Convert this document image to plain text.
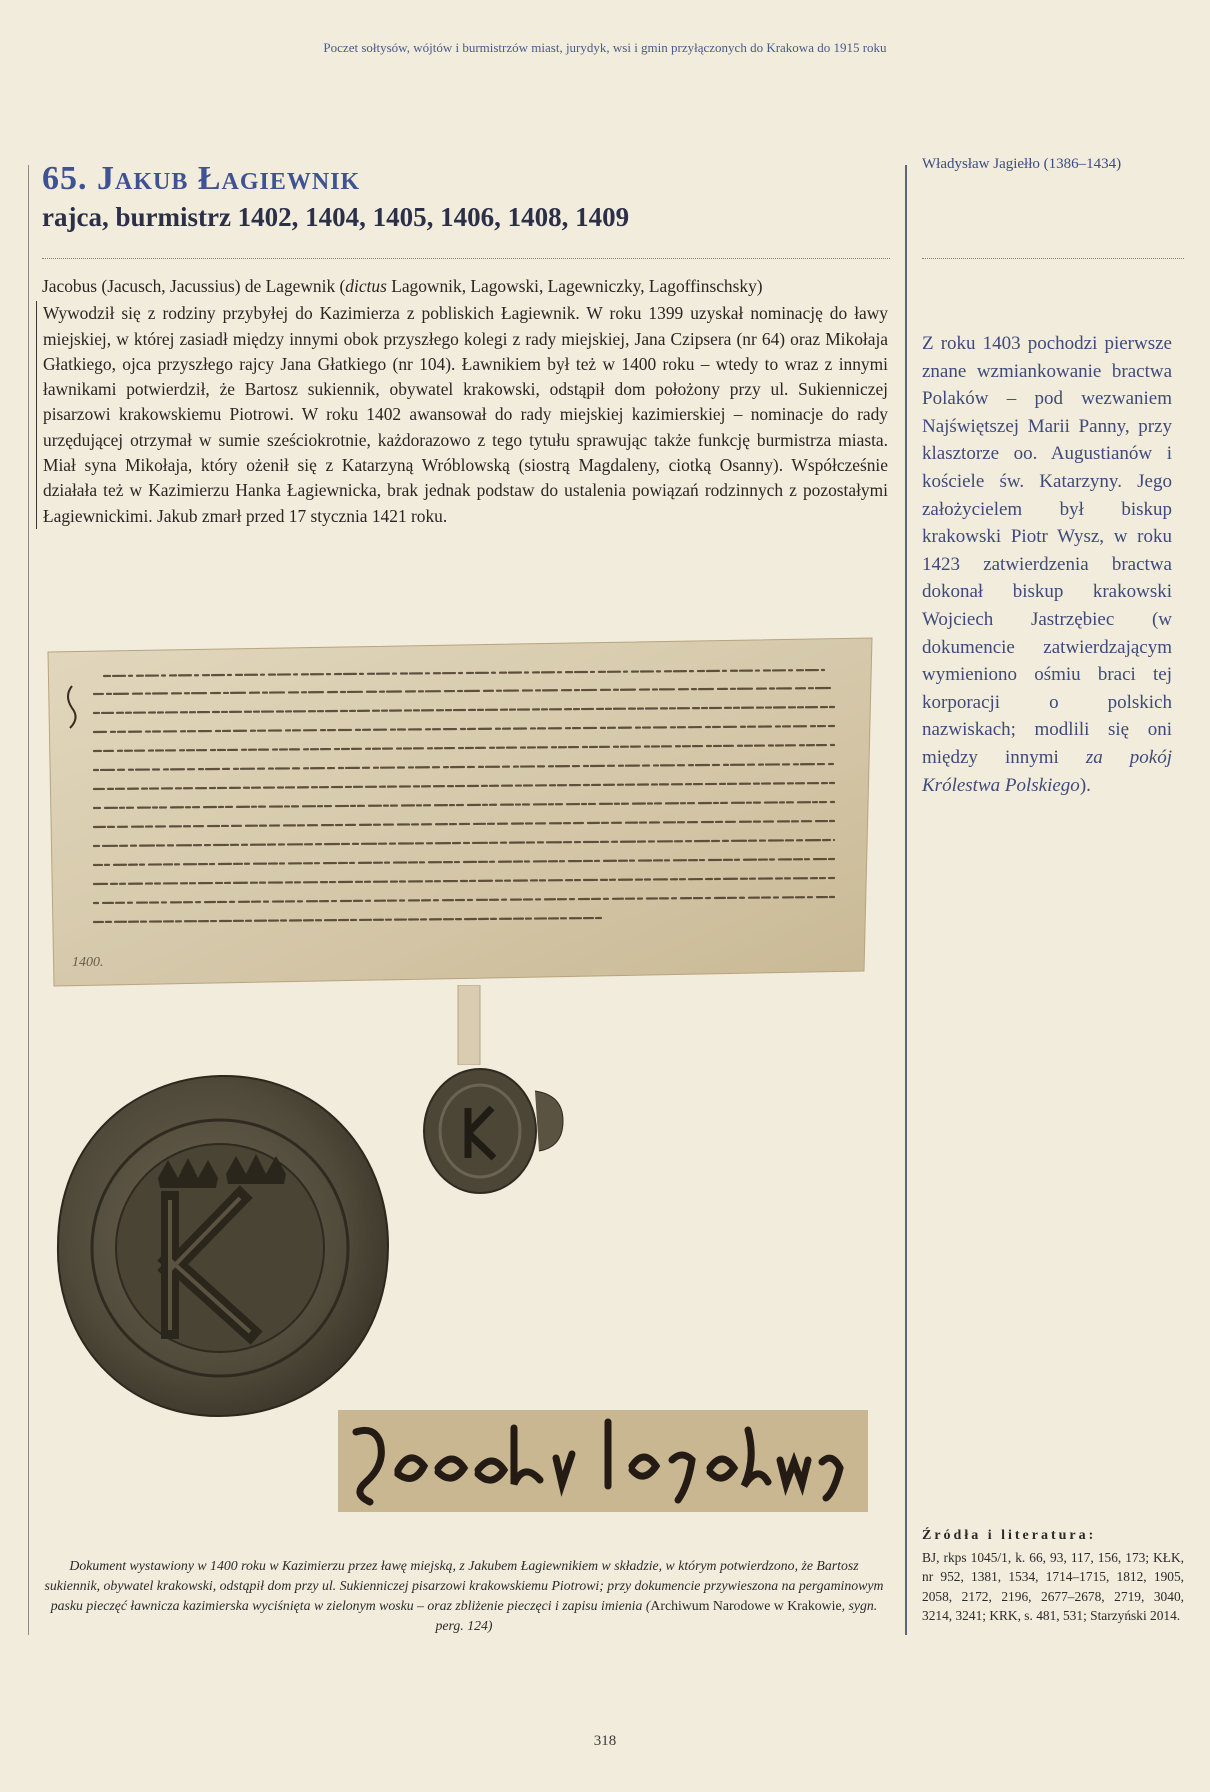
Poczet sołtysów, wójtów i burmistrzów miast, jurydyk, wsi i gmin przyłączonych do Krakowa do 1915 roku
65. Jakub Łagiewnik
rajca, burmistrz 1402, 1404, 1405, 1406, 1408, 1409

Jacobus (Jacusch, Jacussius) de Lagewnik (dictus Lagownik, Lagowski, Lagewniczky, Lagoffinschsky)

Wywodził się z rodziny przybyłej do Kazimierza z pobliskich Łagiewnik. W roku 1399 uzyskał nominację do ławy miejskiej, w której zasiadł między innymi obok przyszłego kolegi z rady miejskiej, Jana Czipsera (nr 64) oraz Mikołaja Głatkiego, ojca przyszłego rajcy Jana Głatkiego (nr 104). Ławnikiem był też w 1400 roku – wtedy to wraz z innymi ławnikami potwierdził, że Bartosz sukiennik, obywatel krakowski, odstąpił dom położony przy ul. Sukienniczej pisarzowi krakowskiemu Piotrowi. W roku 1402 awansował do rady miejskiej kazimierskiej – nominacje do rady urzędującej otrzymał w sumie sześciokrotnie, każdorazowo z tego tytułu sprawując także funkcję burmistrza miasta. Miał syna Mikołaja, który ożenił się z Katarzyną Wróblowską (siostrą Magdaleny, ciotką Osanny). Współcześnie działała też w Kazimierzu Hanka Łagiewnicka, brak jednak podstaw do ustalenia powiązań rodzinnych z pozostałymi Łagiewnickimi. Jakub zmarł przed 17 stycznia 1421 roku.

Władysław Jagiełło (1386–1434)
Z roku 1403 pochodzi pierwsze znane wzmiankowanie bractwa Polaków – pod wezwaniem Najświętszej Marii Panny, przy klasztorze oo. Augustianów i kościele św. Katarzyny. Jego założycielem był biskup krakowski Piotr Wysz, w roku 1423 zatwierdzenia bractwa dokonał biskup krakowski Wojciech Jastrzębiec (w dokumencie zatwierdzającym wymieniono ośmiu braci tej korporacji o polskich nazwiskach; modlili się oni między innymi za pokój Królestwa Polskiego).
1400.
Dokument wystawiony w 1400 roku w Kazimierzu przez ławę miejską, z Jakubem Łagiewnikiem w składzie, w którym potwierdzono, że Bartosz sukiennik, obywatel krakowski, odstąpił dom przy ul. Sukienniczej pisarzowi krakowskiemu Piotrowi; przy dokumencie przywieszona na pergaminowym pasku pieczęć ławnicza kazimierska wyciśnięta w zielonym wosku – oraz zbliżenie pieczęci i zapisu imienia (Archiwum Narodowe w Krakowie, sygn. perg. 124)
Źródła i literatura:
BJ, rkps 1045/1, k. 66, 93, 117, 156, 173; KŁK, nr 952, 1381, 1534, 1714–1715, 1812, 1905, 2058, 2172, 2196, 2677–2678, 2719, 3040, 3214, 3241; KRK, s. 481, 531; Starzyński 2014.
318
